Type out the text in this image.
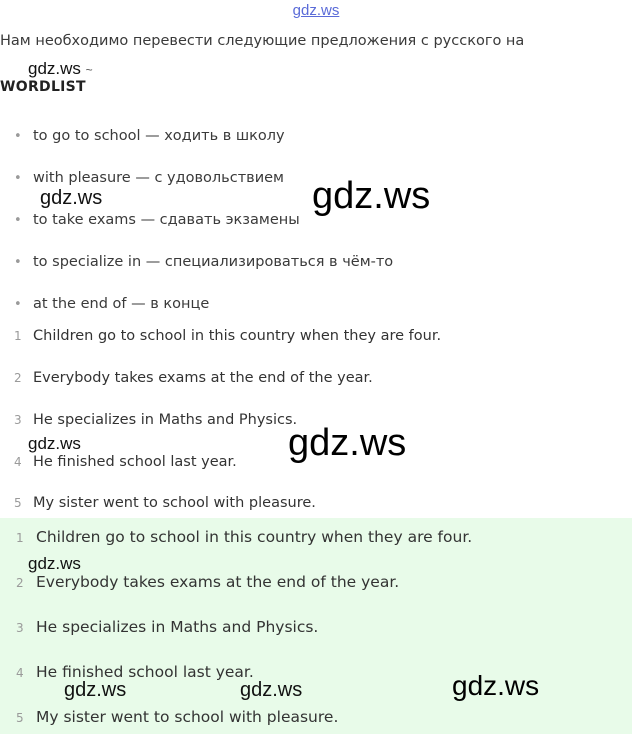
gdz.ws
Нам необходимо перевести следующие предложения с русского на
gdz.ws ~
WORDLIST
• to go to school — ходить в школу
• with pleasure — с удовольствием
• to take exams — сдавать экзамены
• to specialize in — специализироваться в чём-то
• at the end of — в конце
1 Children go to school in this country when they are four.
2 Everybody takes exams at the end of the year.
3 He specializes in Maths and Physics.
4 He finished school last year.
5 My sister went to school with pleasure.
1 Children go to school in this country when they are four.
2 Everybody takes exams at the end of the year.
3 He specializes in Maths and Physics.
4 He finished school last year.
5 My sister went to school with pleasure.
gdz.ws	gdz.ws
gdz.ws	gdz.ws
gdz.ws
gdz.ws	gdz.ws	gdz.ws
